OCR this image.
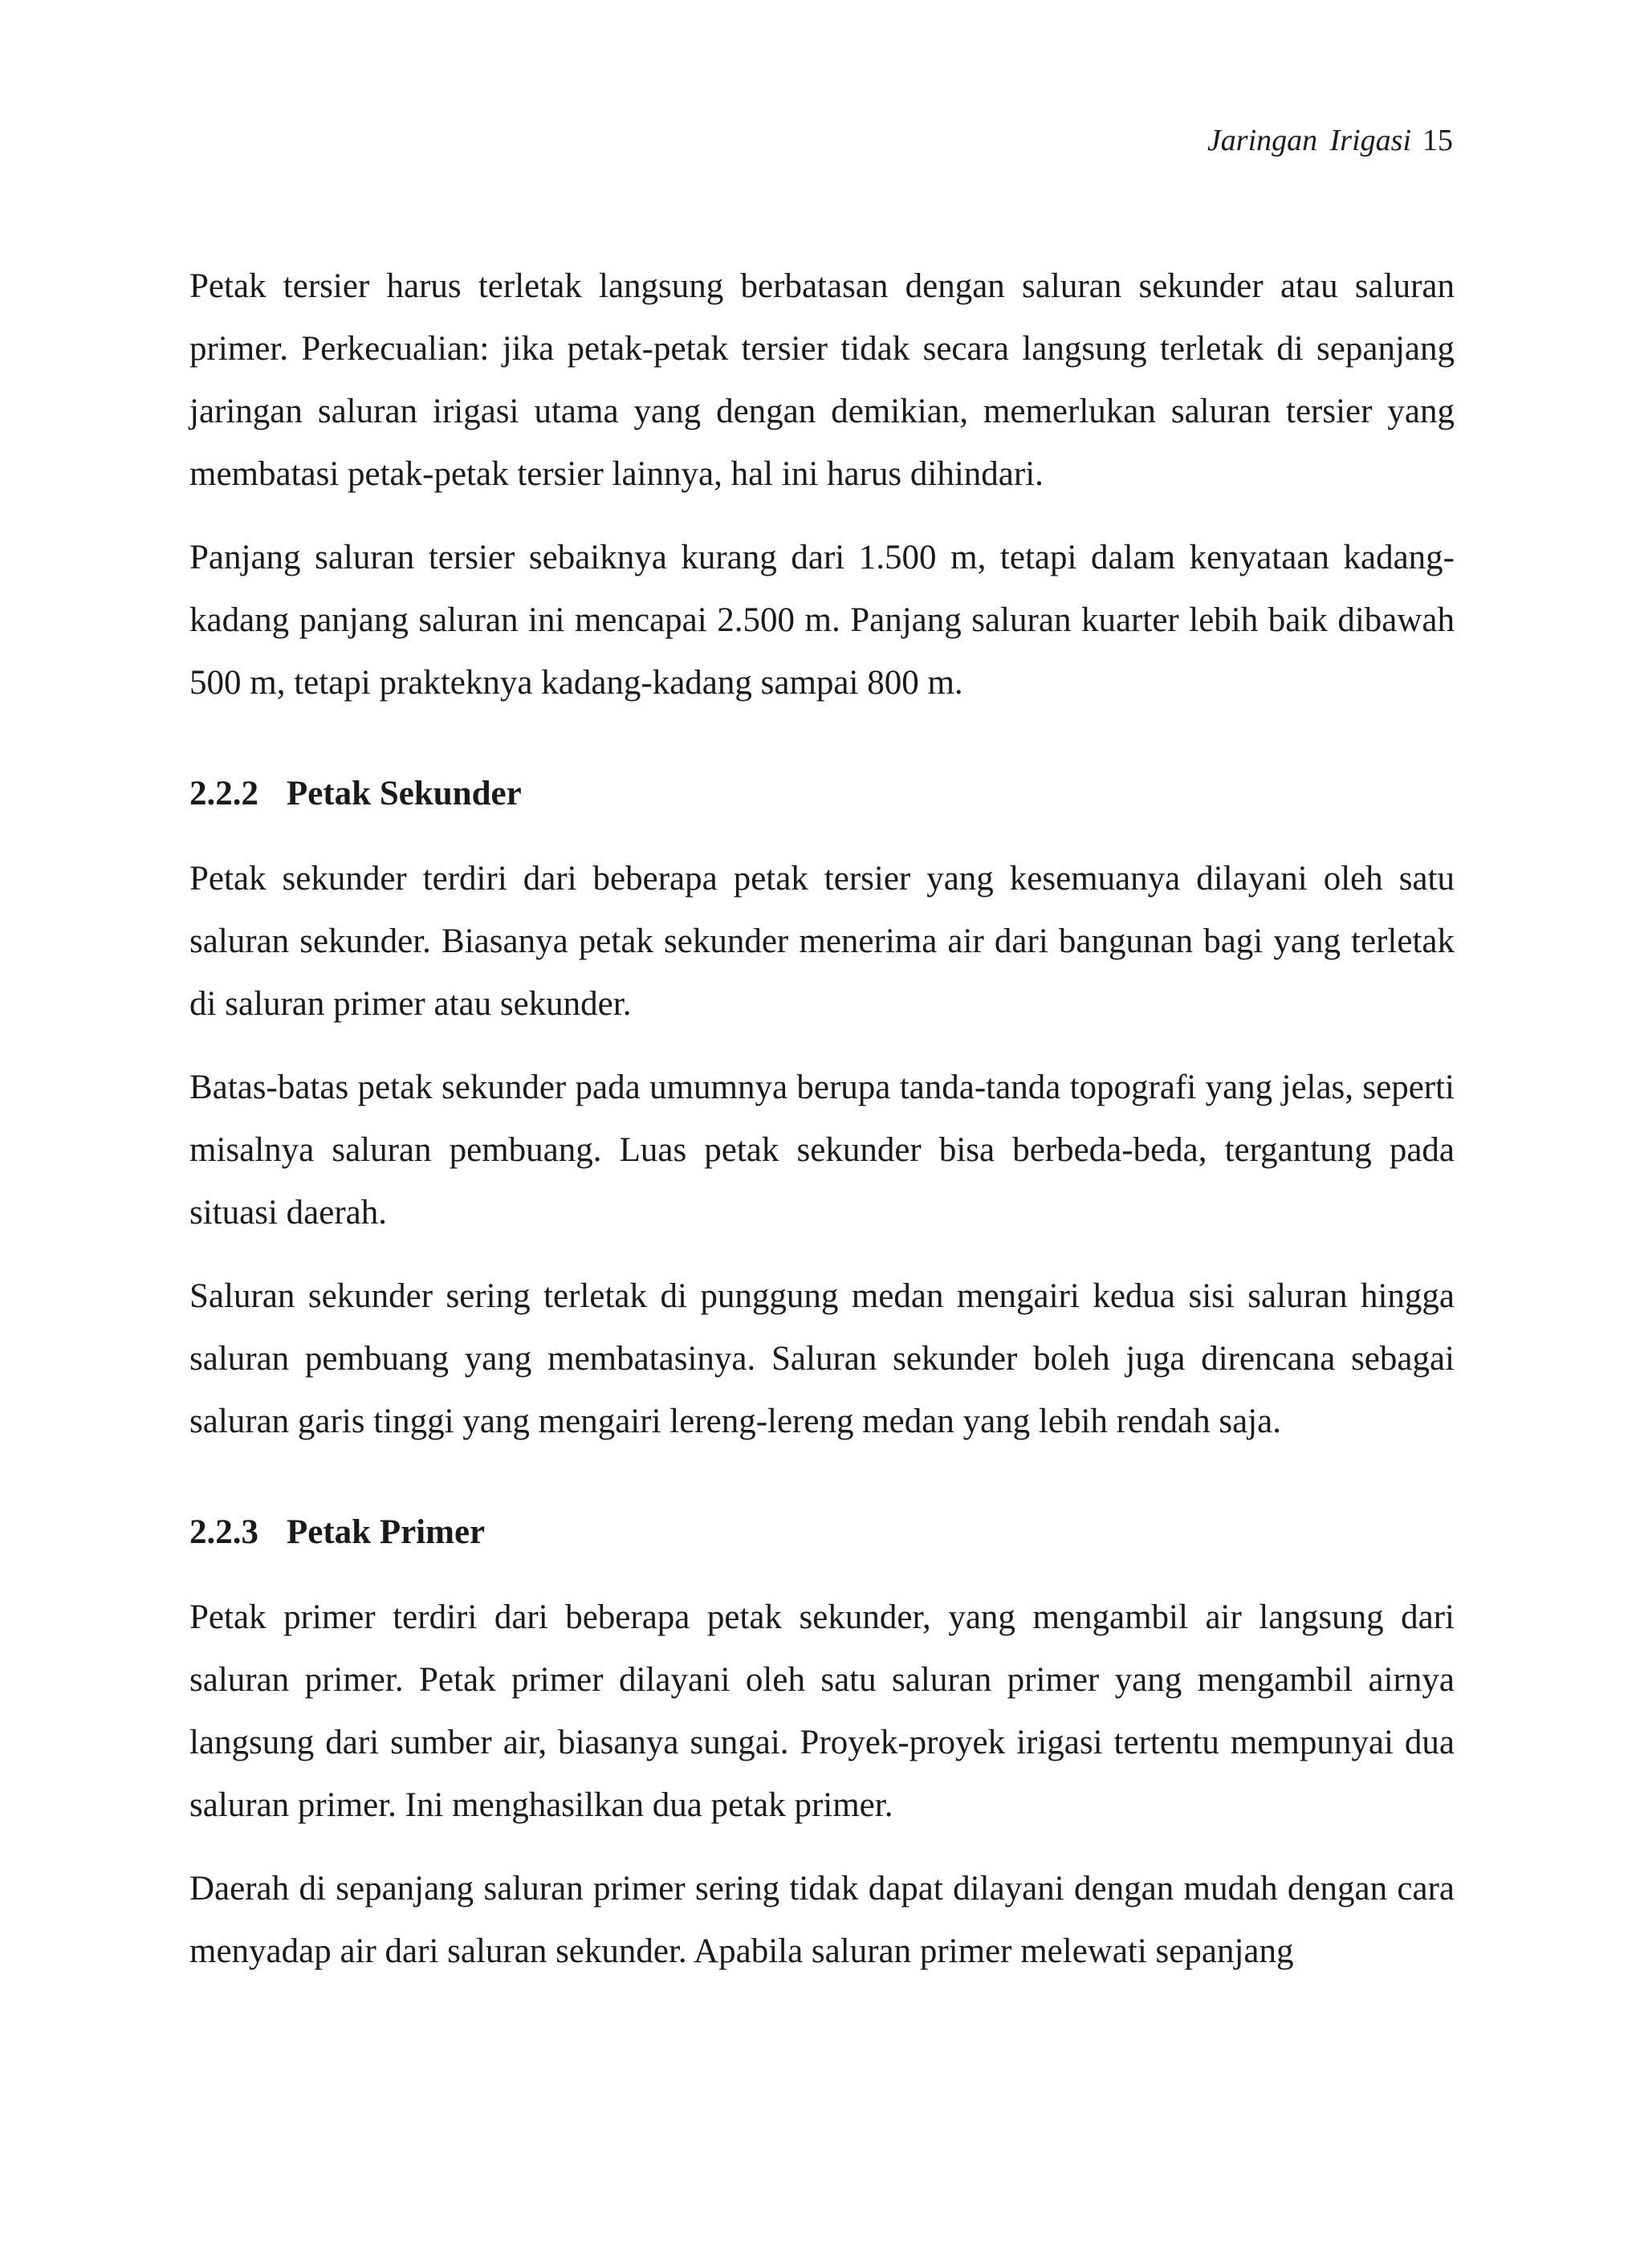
Jaringan Irigasi 15

Petak tersier harus terletak langsung berbatasan dengan saluran sekunder atau saluran primer. Perkecualian: jika petak-petak tersier tidak secara langsung terletak di sepanjang jaringan saluran irigasi utama yang dengan demikian, memerlukan saluran tersier yang membatasi petak-petak tersier lainnya, hal ini harus dihindari.

Panjang saluran tersier sebaiknya kurang dari 1.500 m, tetapi dalam kenyataan kadang-kadang panjang saluran ini mencapai 2.500 m. Panjang saluran kuarter lebih baik dibawah 500 m, tetapi prakteknya kadang-kadang sampai 800 m.

2.2.2 Petak Sekunder

Petak sekunder terdiri dari beberapa petak tersier yang kesemuanya dilayani oleh satu saluran sekunder. Biasanya petak sekunder menerima air dari bangunan bagi yang terletak di saluran primer atau sekunder.

Batas-batas petak sekunder pada umumnya berupa tanda-tanda topografi yang jelas, seperti misalnya saluran pembuang. Luas petak sekunder bisa berbeda-beda, tergantung pada situasi daerah.

Saluran sekunder sering terletak di punggung medan mengairi kedua sisi saluran hingga saluran pembuang yang membatasinya. Saluran sekunder boleh juga direncana sebagai saluran garis tinggi yang mengairi lereng-lereng medan yang lebih rendah saja.

2.2.3 Petak Primer

Petak primer terdiri dari beberapa petak sekunder, yang mengambil air langsung dari saluran primer. Petak primer dilayani oleh satu saluran primer yang mengambil airnya langsung dari sumber air, biasanya sungai. Proyek-proyek irigasi tertentu mempunyai dua saluran primer. Ini menghasilkan dua petak primer.

Daerah di sepanjang saluran primer sering tidak dapat dilayani dengan mudah dengan cara menyadap air dari saluran sekunder. Apabila saluran primer melewati sepanjang
